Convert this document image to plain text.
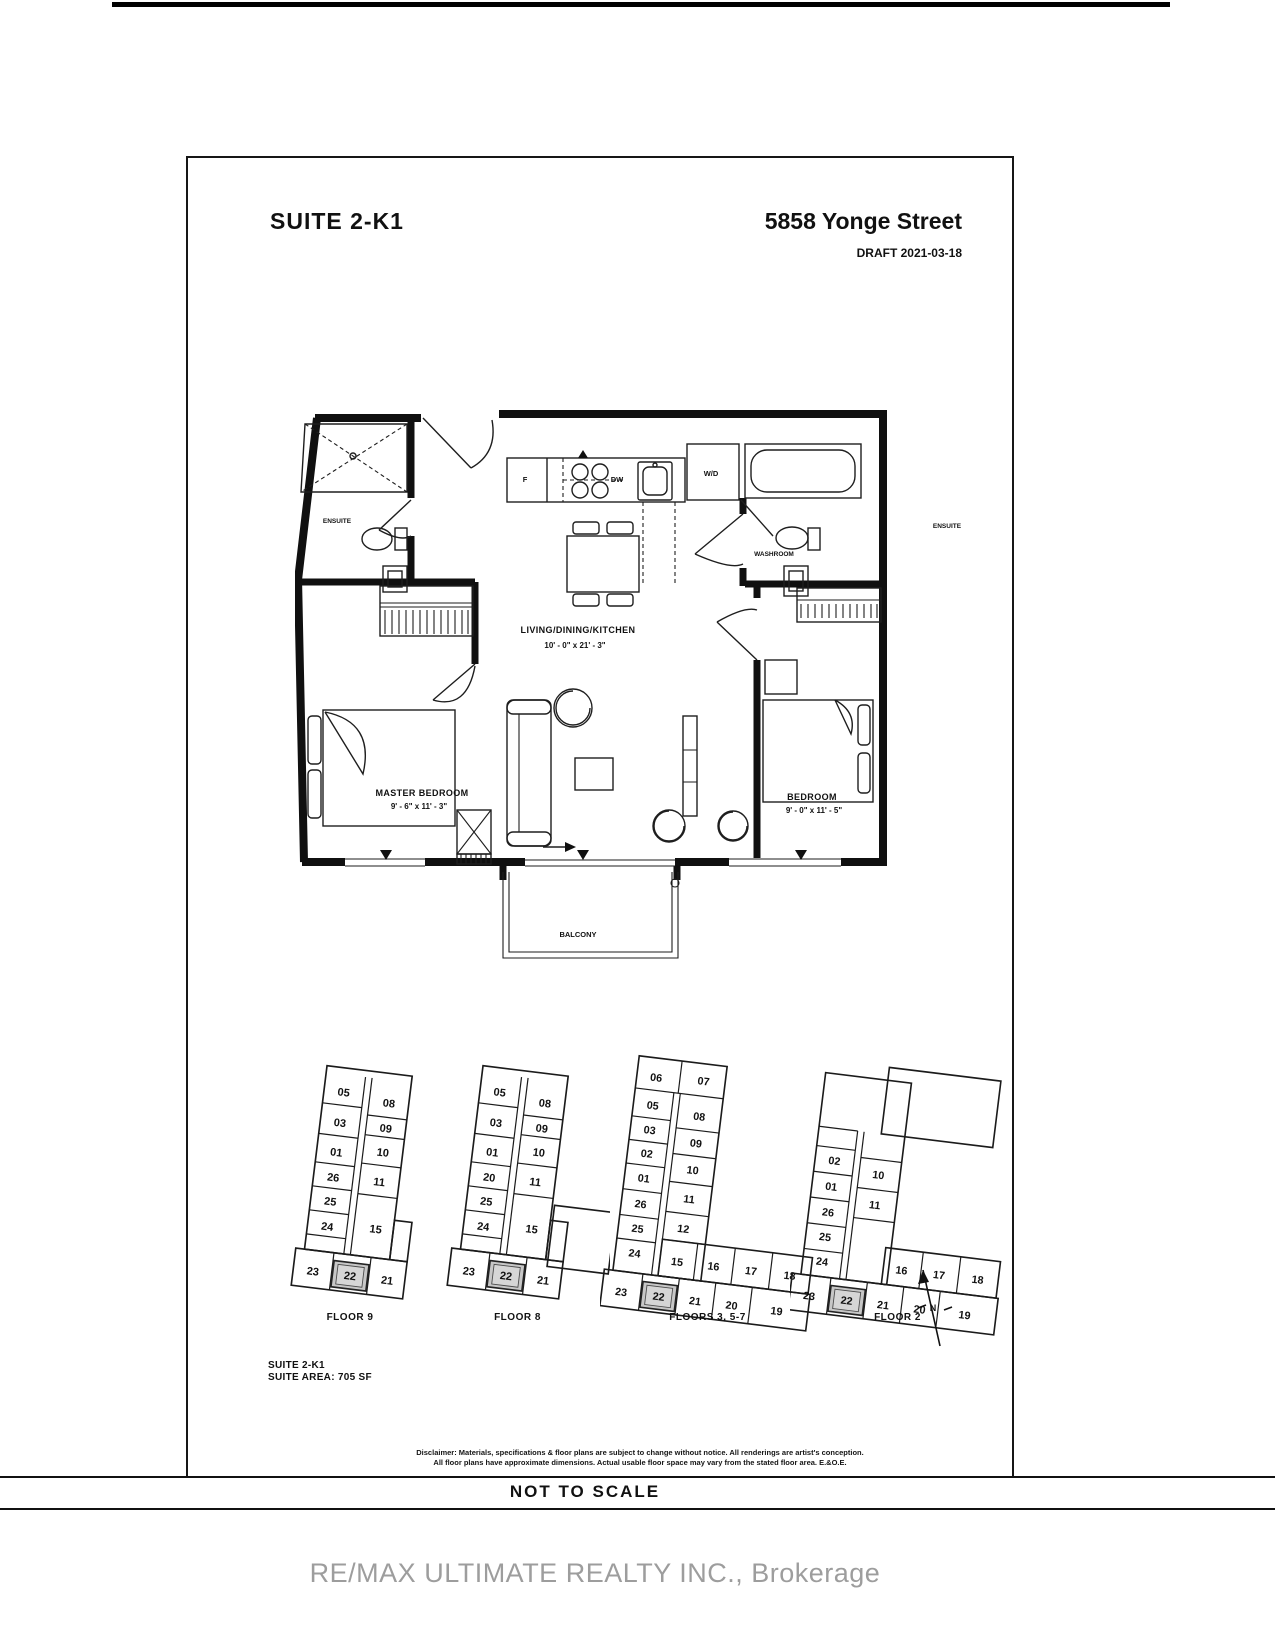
SUITE 2-K1	5858 Yonge Street
DRAFT 2021-03-18
LIVING/DINING/KITCHEN
10' - 0" x 21' - 3"
MASTER BEDROOM
9' - 6" x 11' - 3"
BEDROOM
9' - 0" x 11' - 5"
BALCONY
ENSUITE
WASHROOM
ENSUITE
F	DW
W/D
05
03
01
26
25
24
08
09
10
11
15
23 22 21
05
03
01
20
25
24
08
09
10
11
15
23 22 21
06
05
03
02
01
26
25
24
07
08
09
10
11
12
15 16 17	18
23 22 21 20	19
02
01
26
25
24
10
11
16 17	18
23 22 21 20	19
FLOOR 9	FLOOR 8	FLOORS 3, 5-7	FLOOR 2
N
SUITE 2-K1
SUITE AREA: 705 SF
Disclaimer: Materials, specifications & floor plans are subject to change without notice. All renderings are artist's conception.
All floor plans have approximate dimensions. Actual usable floor space may vary from the stated floor area. E.&O.E.
NOT TO SCALE
RE/MAX ULTIMATE REALTY INC., Brokerage
